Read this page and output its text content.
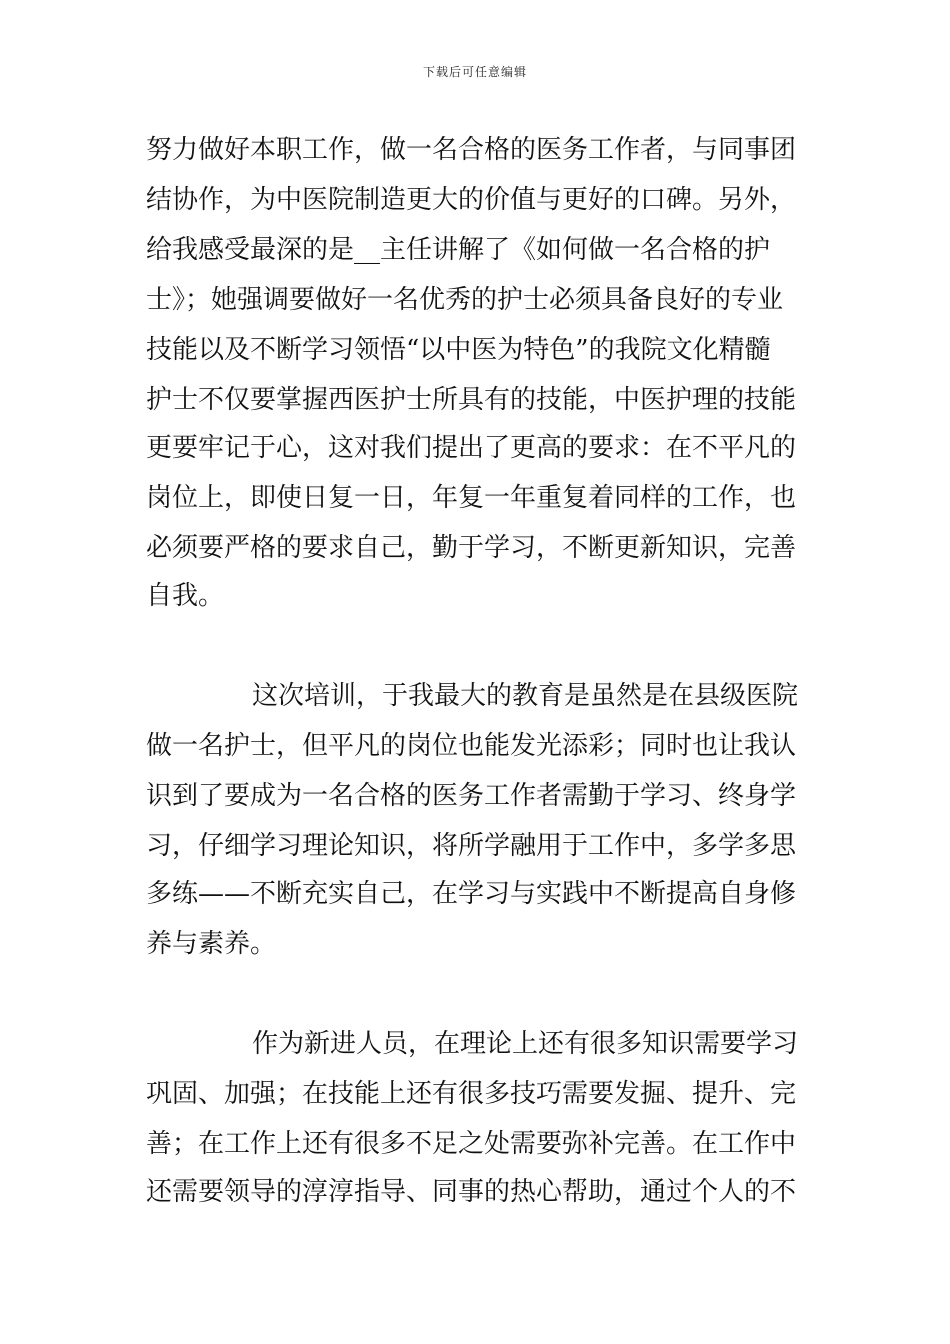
下载后可任意编辑
努力做好本职工作，做一名合格的医务工作者，与同事团
结协作，为中医院制造更大的价值与更好的口碑。另外，
给我感受最深的是__主任讲解了《如何做一名合格的护
士》；她强调要做好一名优秀的护士必须具备良好的专业
技能以及不断学习领悟“以中医为特色”的我院文化精髓
护士不仅要掌握西医护士所具有的技能，中医护理的技能
更要牢记于心，这对我们提出了更高的要求：在不平凡的
岗位上，即使日复一日，年复一年重复着同样的工作，也
必须要严格的要求自己，勤于学习，不断更新知识，完善
自我。
这次培训，于我最大的教育是虽然是在县级医院
做一名护士，但平凡的岗位也能发光添彩；同时也让我认
识到了要成为一名合格的医务工作者需勤于学习、终身学
习，仔细学习理论知识，将所学融用于工作中，多学多思
多练——不断充实自己，在学习与实践中不断提高自身修
养与素养。
作为新进人员，在理论上还有很多知识需要学习
巩固、加强；在技能上还有很多技巧需要发掘、提升、完
善；在工作上还有很多不足之处需要弥补完善。在工作中
还需要领导的淳淳指导、同事的热心帮助，通过个人的不
